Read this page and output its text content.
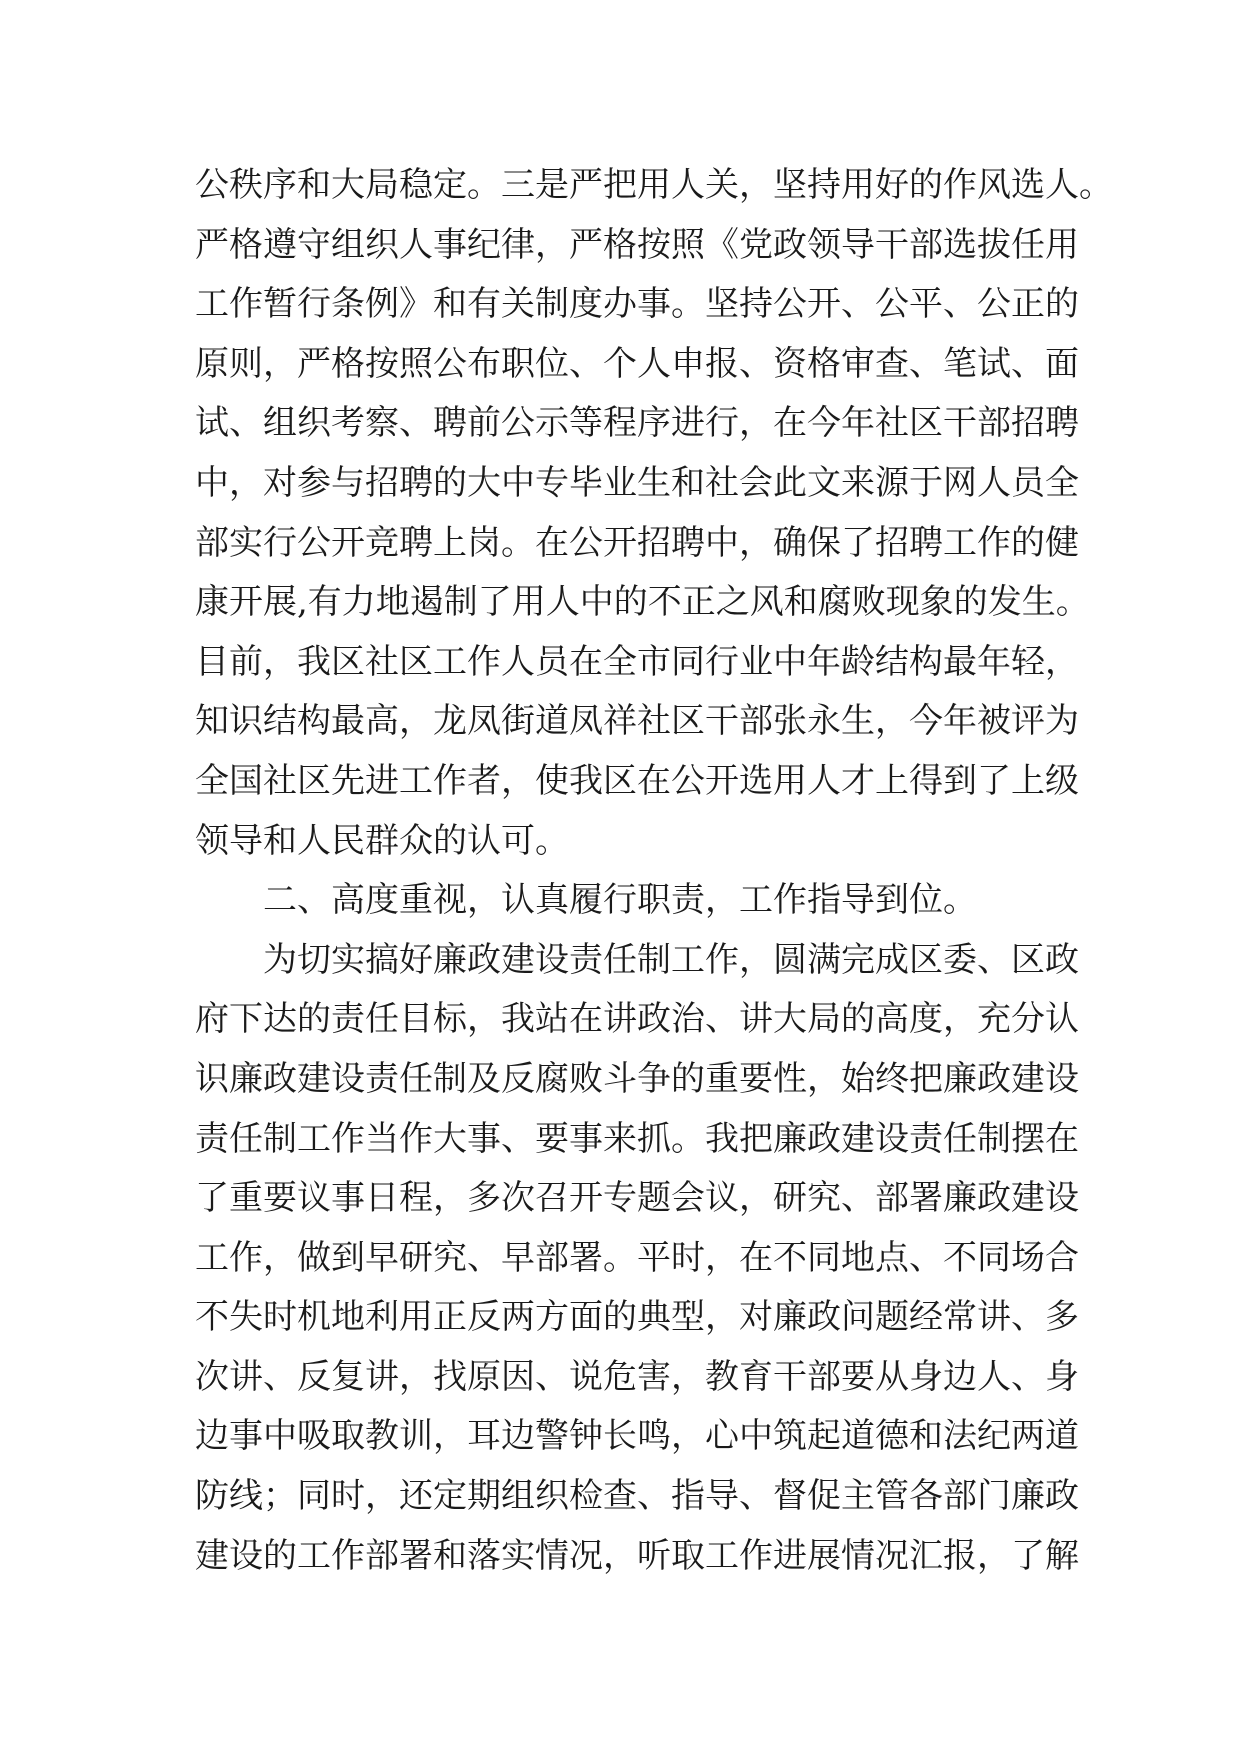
公秩序和大局稳定。三是严把用人关，坚持用好的作风选人。
严格遵守组织人事纪律，严格按照《党政领导干部选拔任用
工作暂行条例》和有关制度办事。坚持公开、公平、公正的
原则，严格按照公布职位、个人申报、资格审查、笔试、面
试、组织考察、聘前公示等程序进行，在今年社区干部招聘
中，对参与招聘的大中专毕业生和社会此文来源于网人员全
部实行公开竞聘上岗。在公开招聘中，确保了招聘工作的健
康开展,有力地遏制了用人中的不正之风和腐败现象的发生。
目前，我区社区工作人员在全市同行业中年龄结构最年轻，
知识结构最高，龙凤街道凤祥社区干部张永生，今年被评为
全国社区先进工作者，使我区在公开选用人才上得到了上级
领导和人民群众的认可。
二、高度重视，认真履行职责，工作指导到位。
为切实搞好廉政建设责任制工作，圆满完成区委、区政
府下达的责任目标，我站在讲政治、讲大局的高度，充分认
识廉政建设责任制及反腐败斗争的重要性，始终把廉政建设
责任制工作当作大事、要事来抓。我把廉政建设责任制摆在
了重要议事日程，多次召开专题会议，研究、部署廉政建设
工作，做到早研究、早部署。平时，在不同地点、不同场合
不失时机地利用正反两方面的典型，对廉政问题经常讲、多
次讲、反复讲，找原因、说危害，教育干部要从身边人、身
边事中吸取教训，耳边警钟长鸣，心中筑起道德和法纪两道
防线；同时，还定期组织检查、指导、督促主管各部门廉政
建设的工作部署和落实情况，听取工作进展情况汇报，了解
